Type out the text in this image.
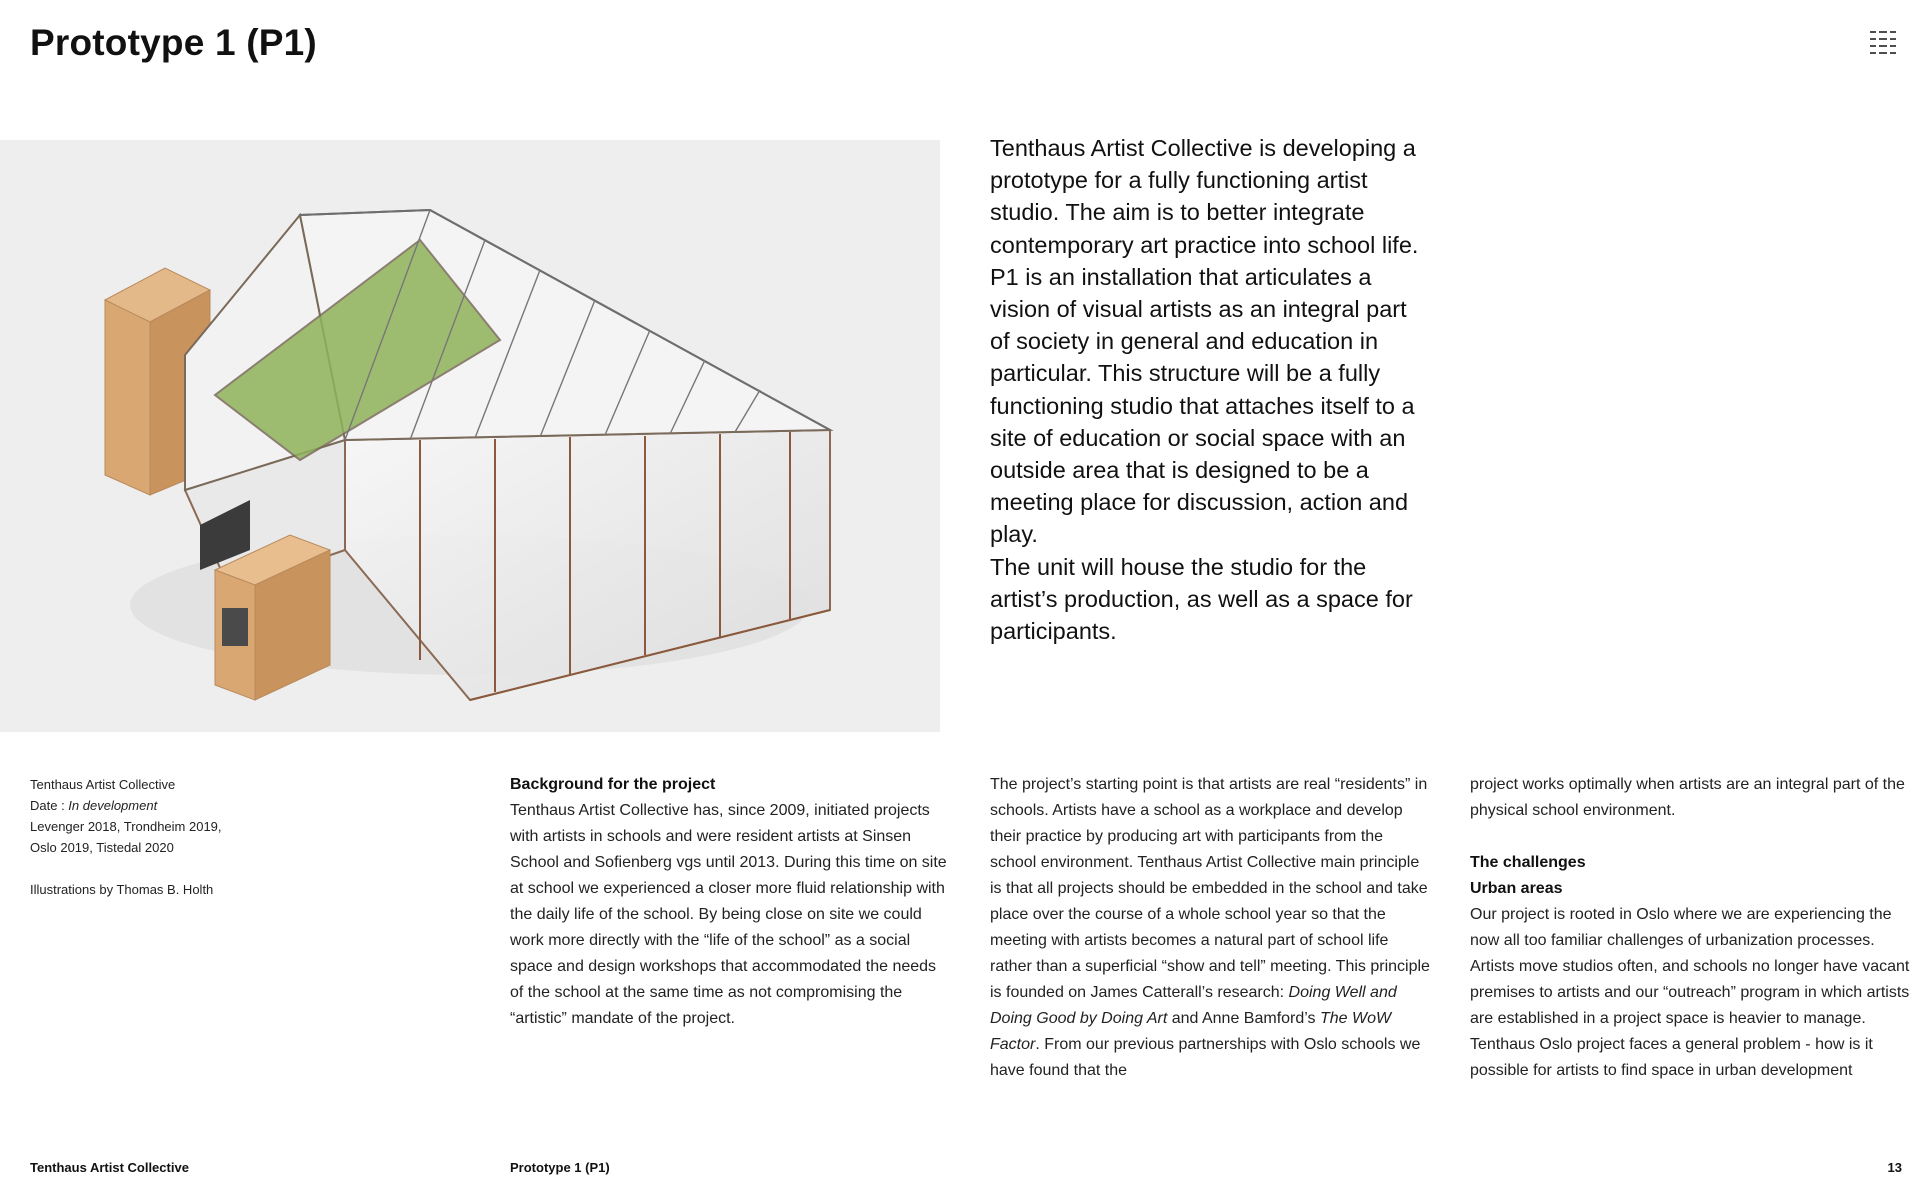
Prototype 1 (P1)

Tenthaus Artist Collective is developing a prototype for a fully functioning artist studio. The aim is to better integrate contemporary art practice into school life. P1 is an installation that articulates a vision of visual artists as an integral part of society in general and education in particular. This structure will be a fully functioning studio that attaches itself to a site of education or social space with an outside area that is designed to be a meeting place for discussion, action and play.

The unit will house the studio for the artist’s production, as well as a space for participants.

Tenthaus Artist Collective

Date : In development

Levenger 2018, Trondheim 2019,

Oslo 2019, Tistedal 2020

Illustrations by Thomas B. Holth

Background for the project

Tenthaus Artist Collective has, since 2009, initiated projects with artists in schools and were resident artists at Sinsen School and Sofienberg vgs until 2013. During this time on site at school we experienced a closer more fluid relationship with the daily life of the school. By being close on site we could work more directly with the “life of the school” as a social space and design workshops that accommodated the needs of the school at the same time as not compromising the “artistic” mandate of the project.

The project’s starting point is that artists are real “residents” in schools. Artists have a school as a workplace and develop their practice by producing art with participants from the school environment. Tenthaus Artist Collective main principle is that all projects should be embedded in the school and take place over the course of a whole school year so that the meeting with artists becomes a natural part of school life rather than a superficial “show and tell” meeting. This principle is founded on James Catterall’s research: Doing Well and Doing Good by Doing Art and Anne Bamford’s The WoW Factor. From our previous partnerships with Oslo schools we have found that the

project works optimally when artists are an integral part of the physical school environment.

The challenges

Urban areas

Our project is rooted in Oslo where we are experiencing the now all too familiar challenges of urbanization processes. Artists move studios often, and schools no longer have vacant premises to artists and our “outreach” program in which artists are established in a project space is heavier to manage.

Tenthaus Oslo project faces a general problem - how is it possible for artists to find space in urban development

Tenthaus Artist Collective	Prototype 1 (P1)	13
